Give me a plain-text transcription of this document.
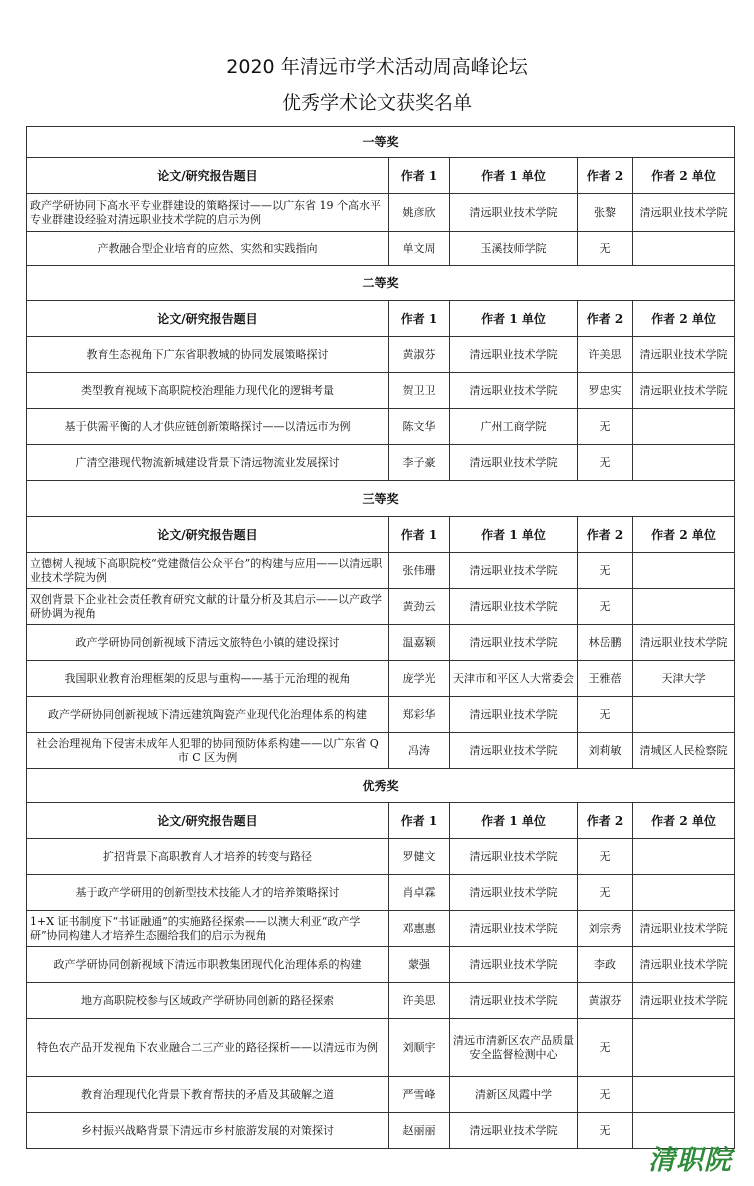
2020 年清远市学术活动周高峰论坛
优秀学术论文获奖名单
一等奖				
论文/研究报告题目	作者 1	作者 1 单位	作者 2	作者 2 单位
政产学研协同下高水平专业群建设的策略探讨——以广东省 19 个高水平专业群建设经验对清远职业技术学院的启示为例	姚彦欣	清远职业技术学院	张黎	清远职业技术学院
产教融合型企业培育的应然、实然和实践指向	单文周	玉溪技师学院	无	
二等奖				
论文/研究报告题目	作者 1	作者 1 单位	作者 2	作者 2 单位
教育生态视角下广东省职教城的协同发展策略探讨	黄淑芬	清远职业技术学院	许美思	清远职业技术学院
类型教育视域下高职院校治理能力现代化的逻辑考量	贺卫卫	清远职业技术学院	罗忠实	清远职业技术学院
基于供需平衡的人才供应链创新策略探讨——以清远市为例	陈文华	广州工商学院	无	
广清空港现代物流新城建设背景下清远物流业发展探讨	李子豪	清远职业技术学院	无	
三等奖				
论文/研究报告题目	作者 1	作者 1 单位	作者 2	作者 2 单位
立德树人视域下高职院校“党建微信公众平台”的构建与应用——以清远职业技术学院为例	张伟珊	清远职业技术学院	无	
双创背景下企业社会责任教育研究文献的计量分析及其启示——以产政学研协调为视角	黄劲云	清远职业技术学院	无	
政产学研协同创新视域下清远文旅特色小镇的建设探讨	温嘉颖	清远职业技术学院	林岳鹏	清远职业技术学院
我国职业教育治理框架的反思与重构——基于元治理的视角	庞学光	天津市和平区人大常委会	王雅蓓	天津大学
政产学研协同创新视域下清远建筑陶瓷产业现代化治理体系的构建	郑彩华	清远职业技术学院	无	
社会治理视角下侵害未成年人犯罪的协同预防体系构建——以广东省 Q 市 C 区为例	冯涛	清远职业技术学院	刘莉敏	清城区人民检察院
优秀奖				
论文/研究报告题目	作者 1	作者 1 单位	作者 2	作者 2 单位
扩招背景下高职教育人才培养的转变与路径	罗健文	清远职业技术学院	无	
基于政产学研用的创新型技术技能人才的培养策略探讨	肖卓霖	清远职业技术学院	无	
1+X 证书制度下“书证融通”的实施路径探索——以澳大利亚“政产学研”协同构建人才培养生态圈给我们的启示为视角	邓惠惠	清远职业技术学院	刘宗秀	清远职业技术学院
政产学研协同创新视域下清远市职教集团现代化治理体系的构建	蒙强	清远职业技术学院	李政	清远职业技术学院
地方高职院校参与区域政产学研协同创新的路径探索	许美思	清远职业技术学院	黄淑芬	清远职业技术学院
特色农产品开发视角下农业融合二三产业的路径探析——以清远市为例	刘顺宇	清远市清新区农产品质量安全监督检测中心	无	
教育治理现代化背景下教育帮扶的矛盾及其破解之道	严雪峰	清新区凤霞中学	无	
乡村振兴战略背景下清远市乡村旅游发展的对策探讨	赵丽丽	清远职业技术学院	无	
清职院
